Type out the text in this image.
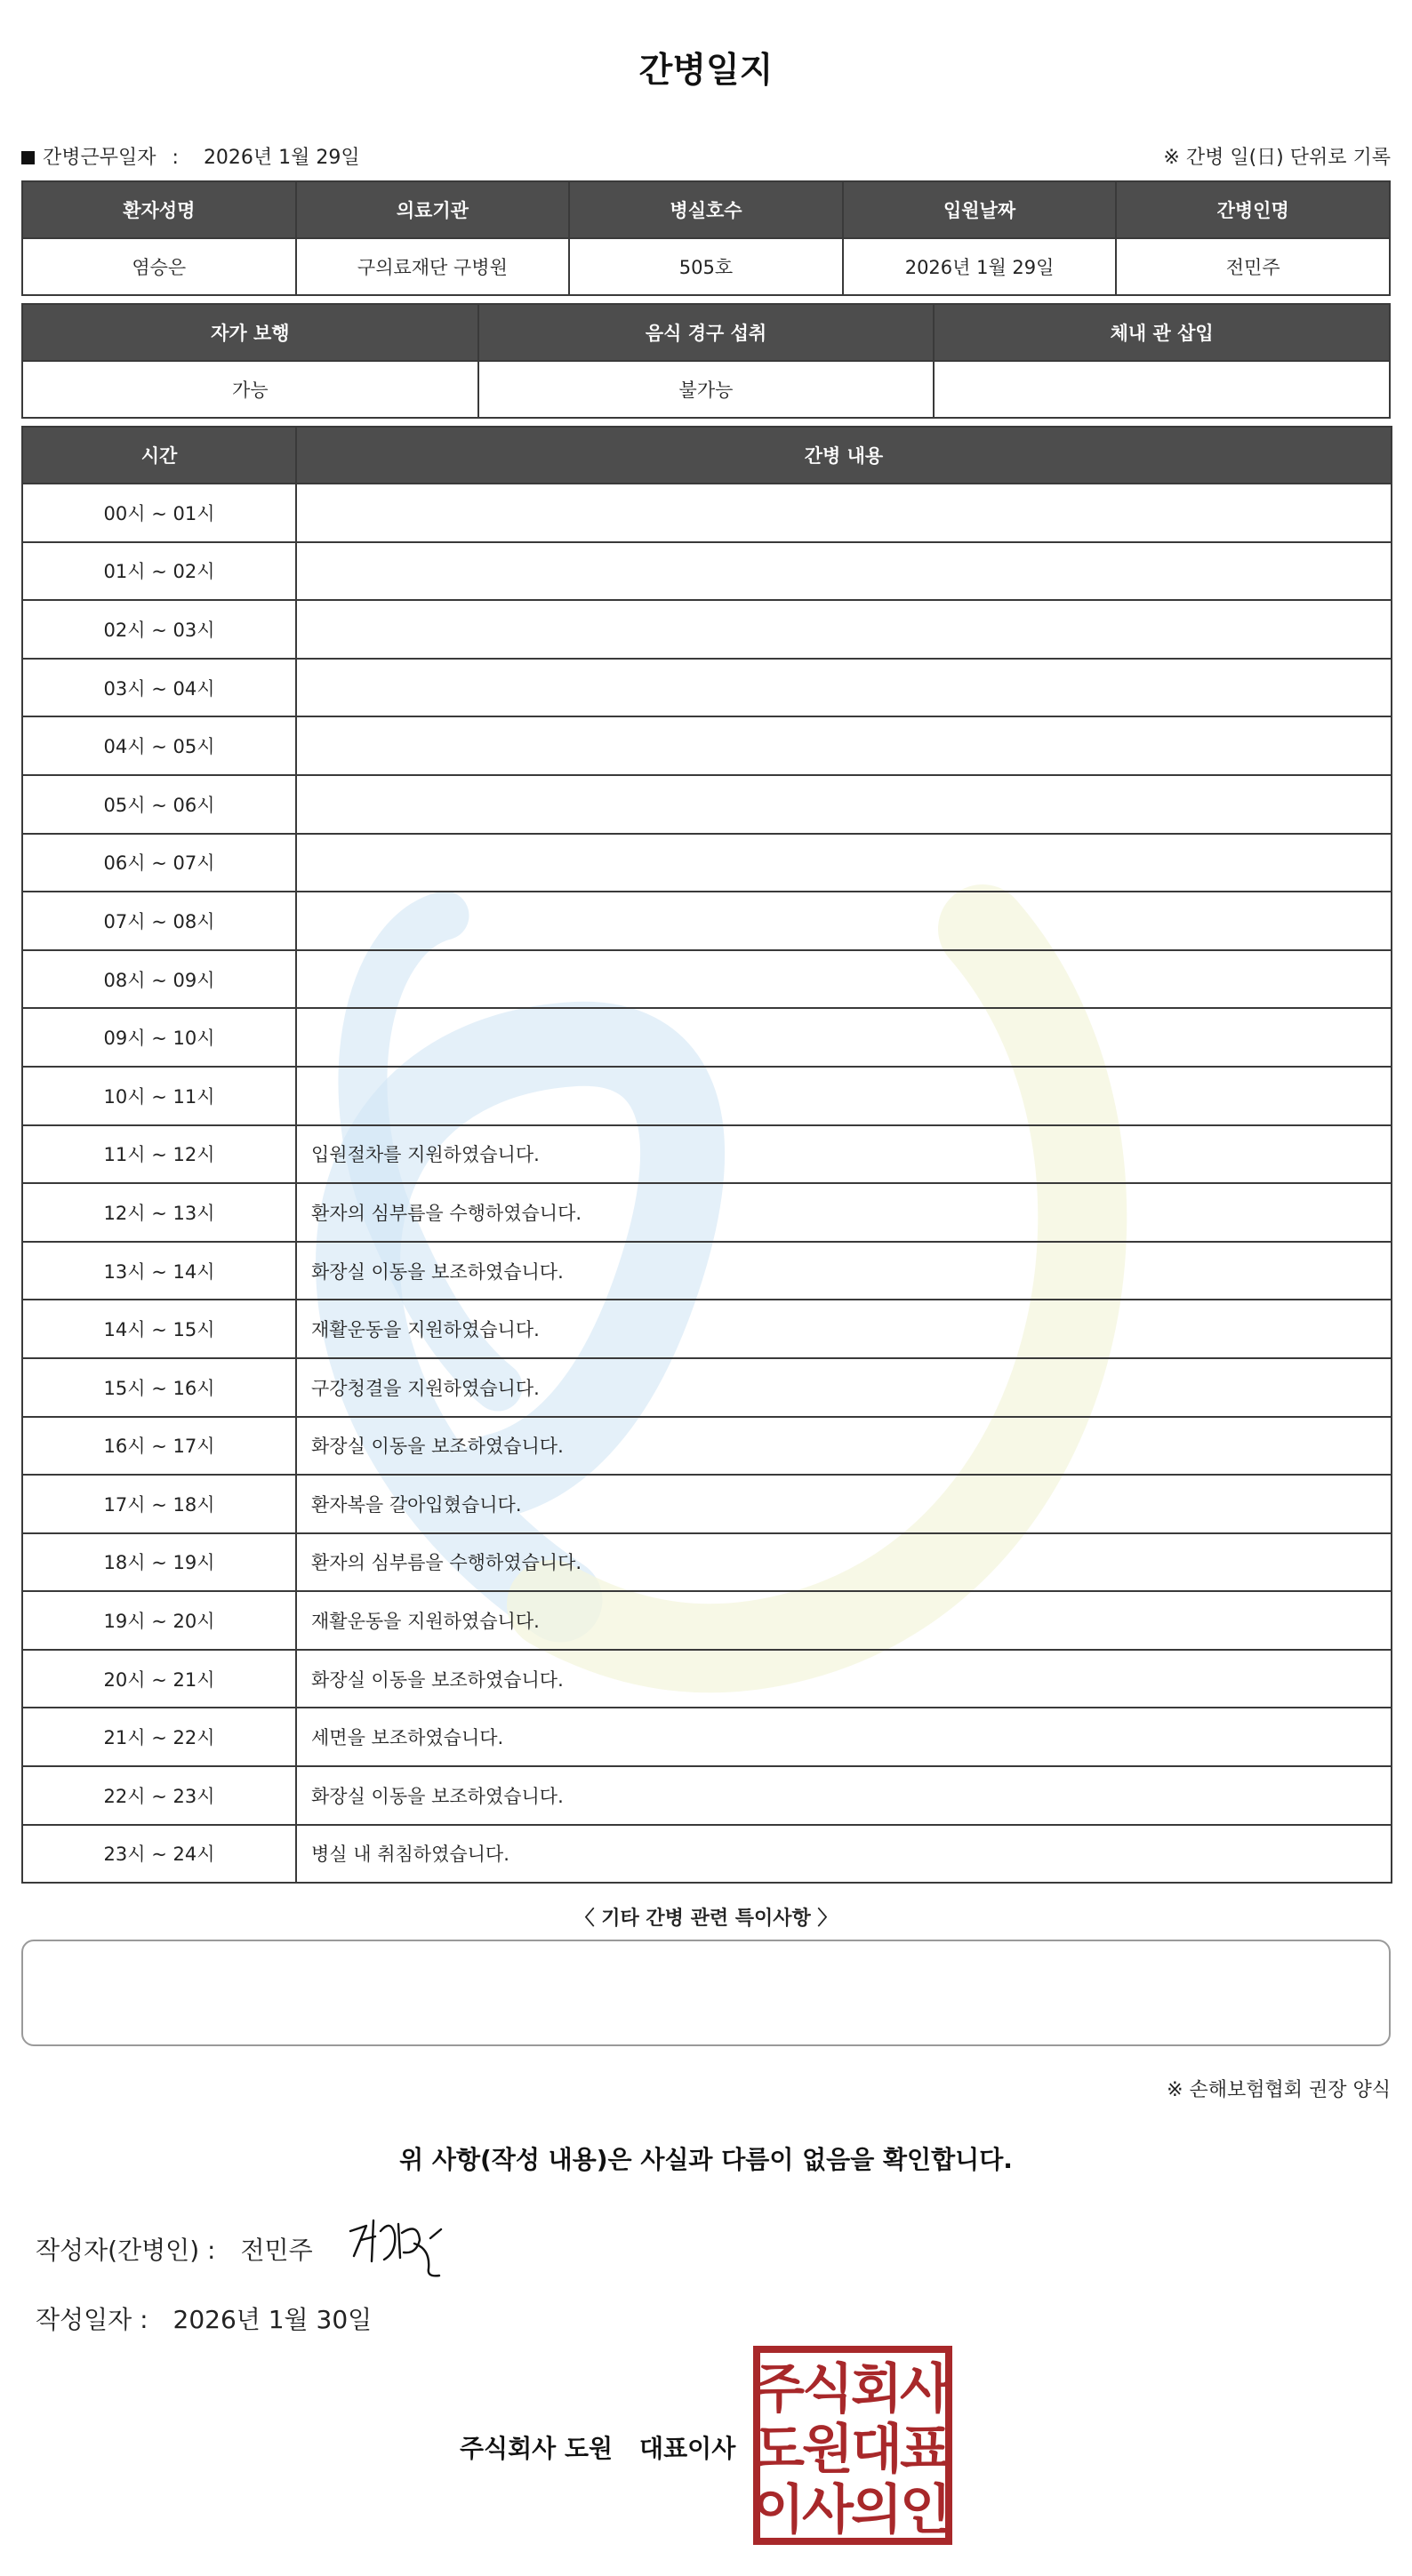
간병일지
간병근무일자 : 2026년 1월 29일	※ 간병 일(日) 단위로 기록
환자성명	의료기관	병실호수	입원날짜	간병인명
염승은	구의료재단 구병원	505호	2026년 1월 29일	전민주
자가 보행	음식 경구 섭취	체내 관 삽입
가능	불가능	
시간	간병 내용
00시 ~ 01시	
01시 ~ 02시	
02시 ~ 03시	
03시 ~ 04시	
04시 ~ 05시	
05시 ~ 06시	
06시 ~ 07시	
07시 ~ 08시	
08시 ~ 09시	
09시 ~ 10시	
10시 ~ 11시	
11시 ~ 12시	입원절차를 지원하였습니다.
12시 ~ 13시	환자의 심부름을 수행하였습니다.
13시 ~ 14시	화장실 이동을 보조하였습니다.
14시 ~ 15시	재활운동을 지원하였습니다.
15시 ~ 16시	구강청결을 지원하였습니다.
16시 ~ 17시	화장실 이동을 보조하였습니다.
17시 ~ 18시	환자복을 갈아입혔습니다.
18시 ~ 19시	환자의 심부름을 수행하였습니다.
19시 ~ 20시	재활운동을 지원하였습니다.
20시 ~ 21시	화장실 이동을 보조하였습니다.
21시 ~ 22시	세면을 보조하였습니다.
22시 ~ 23시	화장실 이동을 보조하였습니다.
23시 ~ 24시	병실 내 취침하였습니다.
〈 기타 간병 관련 특이사항 〉
※ 손해보험협회 권장 양식
위 사항(작성 내용)은 사실과 다름이 없음을 확인합니다.
작성자(간병인) : 전민주
작성일자 : 2026년 1월 30일
주식회사 도원 대표이사
주
식
회
사
도
원
대
표
이
사
의
인
